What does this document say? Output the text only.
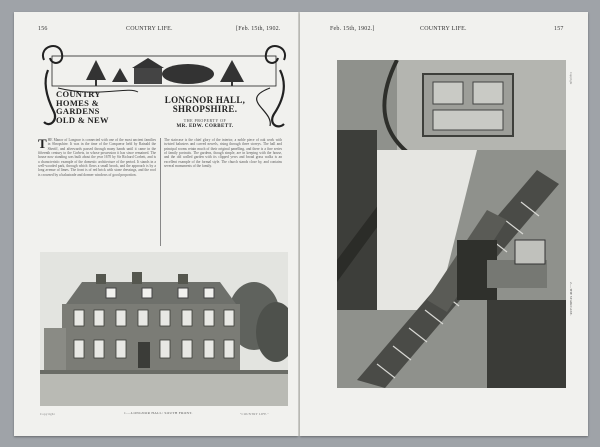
156	COUNTRY LIFE.	[Feb. 15th, 1902.
COUNTRY
HOMES &
GARDENS
OLD & NEW
LONGNOR HALL,
SHROPSHIRE.
THE PROPERTY OF
MR. EDW. CORBETT.
T HE Manor of Longnor is connected with one of the most ancient families in Shropshire. It was in the time of the Conqueror held by Rainald the Sheriff, and afterwards passed through many hands until it came in the fifteenth century to the Corbets, in whose possession it has since remained. The house now standing was built about the year 1670 by Sir Richard Corbett, and is a characteristic example of the domestic architecture of the period. It stands in a well-wooded park, through which flows a small brook, and the approach is by a long avenue of limes. The front is of red brick with stone dressings, and the roof is crowned by a balustrade and dormer windows of good proportion.
The staircase is the chief glory of the interior, a noble piece of oak work with twisted balusters and carved newels, rising through three storeys. The hall and principal rooms retain much of their original panelling, and there is a fine series of family portraits. The gardens, though simple, are in keeping with the house, and the old walled garden with its clipped yews and broad grass walks is an excellent example of the formal style. The church stands close by, and contains several monuments of the family.
Copyright	1.—LONGNOR HALL: SOUTH FRONT.	"COUNTRY LIFE."
Feb. 15th, 1902.]	COUNTRY LIFE.	157
2.—THE STAIRCASE.
Copyright
